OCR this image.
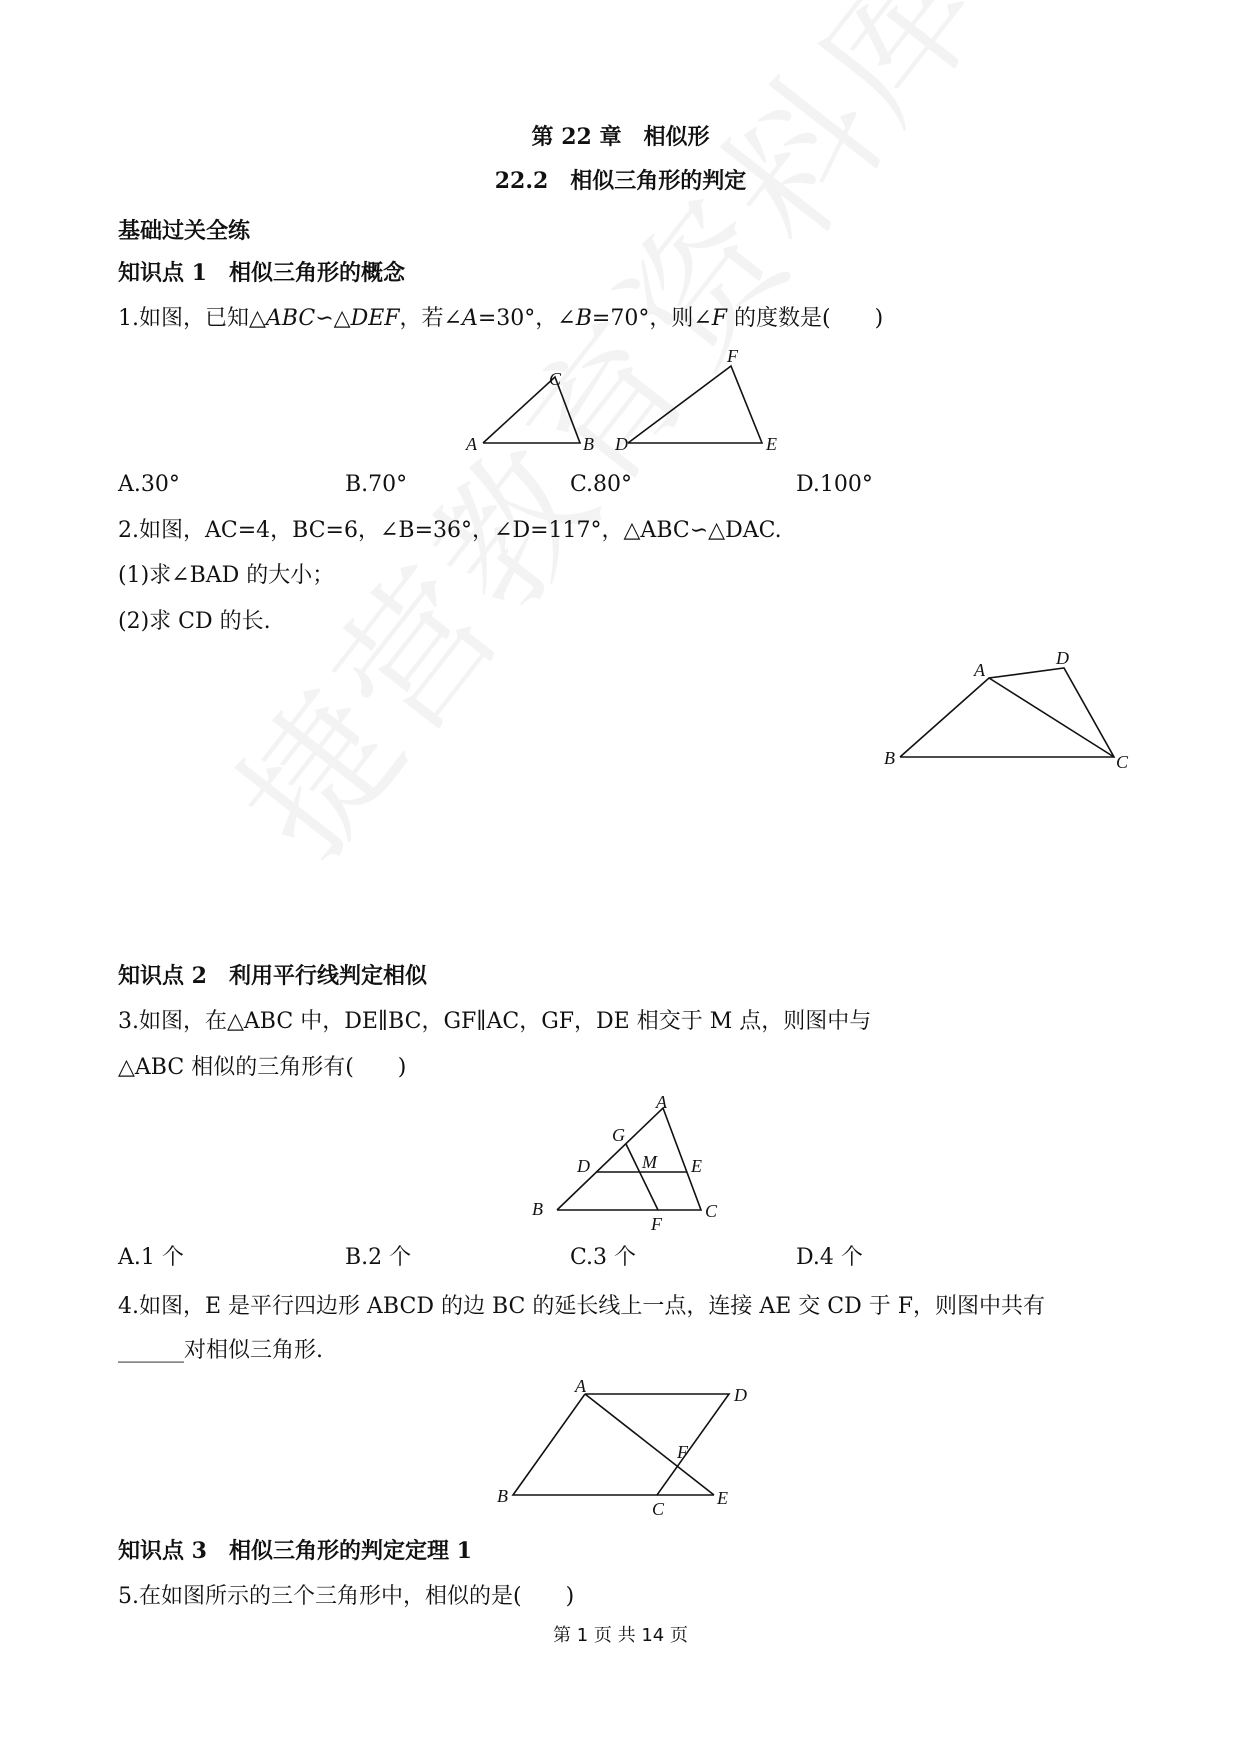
第 22 章　相似形
22.2　相似三角形的判定
基础过关全练
知识点 1　相似三角形的概念
1.如图，已知△ABC∽△DEF，若∠A=30°，∠B=70°，则∠F 的度数是(　　)
A	B
C
D	E
F
A.30°	B.70°	C.80°	D.100°
2.如图，AC=4，BC=6，∠B=36°，∠D=117°，△ABC∽△DAC.
(1)求∠BAD 的大小；
(2)求 CD 的长.
A
D
B	C
知识点 2　利用平行线判定相似
3.如图，在△ABC 中，DE∥BC，GF∥AC，GF，DE 相交于 M 点，则图中与
△ABC 相似的三角形有(　　)
A
G
D	M E
B
F
C
A.1 个	B.2 个	C.3 个	D.4 个
4.如图，E 是平行四边形 ABCD 的边 BC 的延长线上一点，连接 AE 交 CD 于 F，则图中共有
______对相似三角形.
A	D
F
B
C
E
知识点 3　相似三角形的判定定理 1
5.在如图所示的三个三角形中，相似的是(　　)
第 1 页 共 14 页
